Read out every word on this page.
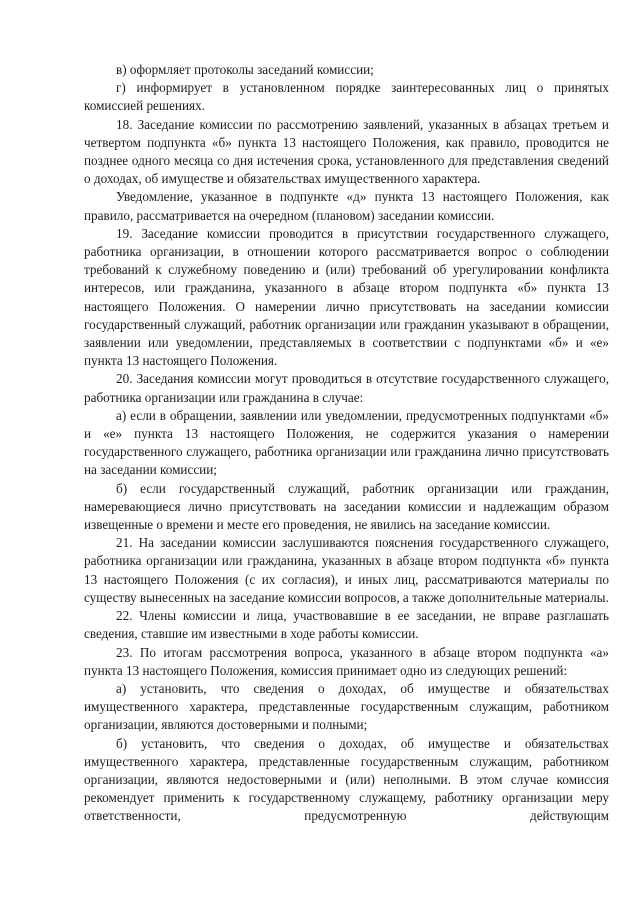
в) оформляет протоколы заседаний комиссии;

г) информирует в установленном порядке заинтересованных лиц о принятых комиссией решениях.

18. Заседание комиссии по рассмотрению заявлений, указанных в абзацах третьем и четвертом подпункта «б» пункта 13 настоящего Положения, как правило, проводится не позднее одного месяца со дня истечения срока, установленного для представления сведений о доходах, об имуществе и обязательствах имущественного характера.

Уведомление, указанное в подпункте «д» пункта 13 настоящего Положения, как правило, рассматривается на очередном (плановом) заседании комиссии.

19. Заседание комиссии проводится в присутствии государственного служащего, работника организации, в отношении которого рассматривается вопрос о соблюдении требований к служебному поведению и (или) требований об урегулировании конфликта интересов, или гражданина, указанного в абзаце втором подпункта «б» пункта 13 настоящего Положения. О намерении лично присутствовать на заседании комиссии государственный служащий, работник организации или гражданин указывают в обращении, заявлении или уведомлении, представляемых в соответствии с подпунктами «б» и «е» пункта 13 настоящего Положения.

20. Заседания комиссии могут проводиться в отсутствие государственного служащего, работника организации или гражданина в случае:

а) если в обращении, заявлении или уведомлении, предусмотренных подпунктами «б» и «е» пункта 13 настоящего Положения, не содержится указания о намерении государственного служащего, работника организации или гражданина лично присутствовать на заседании комиссии;

б) если государственный служащий, работник организации или гражданин, намеревающиеся лично присутствовать на заседании комиссии и надлежащим образом извещенные о времени и месте его проведения, не явились на заседание комиссии.

21. На заседании комиссии заслушиваются пояснения государственного служащего, работника организации или гражданина, указанных в абзаце втором подпункта «б» пункта 13 настоящего Положения (с их согласия), и иных лиц, рассматриваются материалы по существу вынесенных на заседание комиссии вопросов, а также дополнительные материалы.

22. Члены комиссии и лица, участвовавшие в ее заседании, не вправе разглашать сведения, ставшие им известными в ходе работы комиссии.

23. По итогам рассмотрения вопроса, указанного в абзаце втором подпункта «а» пункта 13 настоящего Положения, комиссия принимает одно из следующих решений:

а) установить, что сведения о доходах, об имуществе и обязательствах имущественного характера, представленные государственным служащим, работником организации, являются достоверными и полными;

б) установить, что сведения о доходах, об имуществе и обязательствах имущественного характера, представленные государственным служащим, работником организации, являются недостоверными и (или) неполными. В этом случае комиссия рекомендует применить к государственному служащему, работнику организации меру ответственности, предусмотренную действующим
